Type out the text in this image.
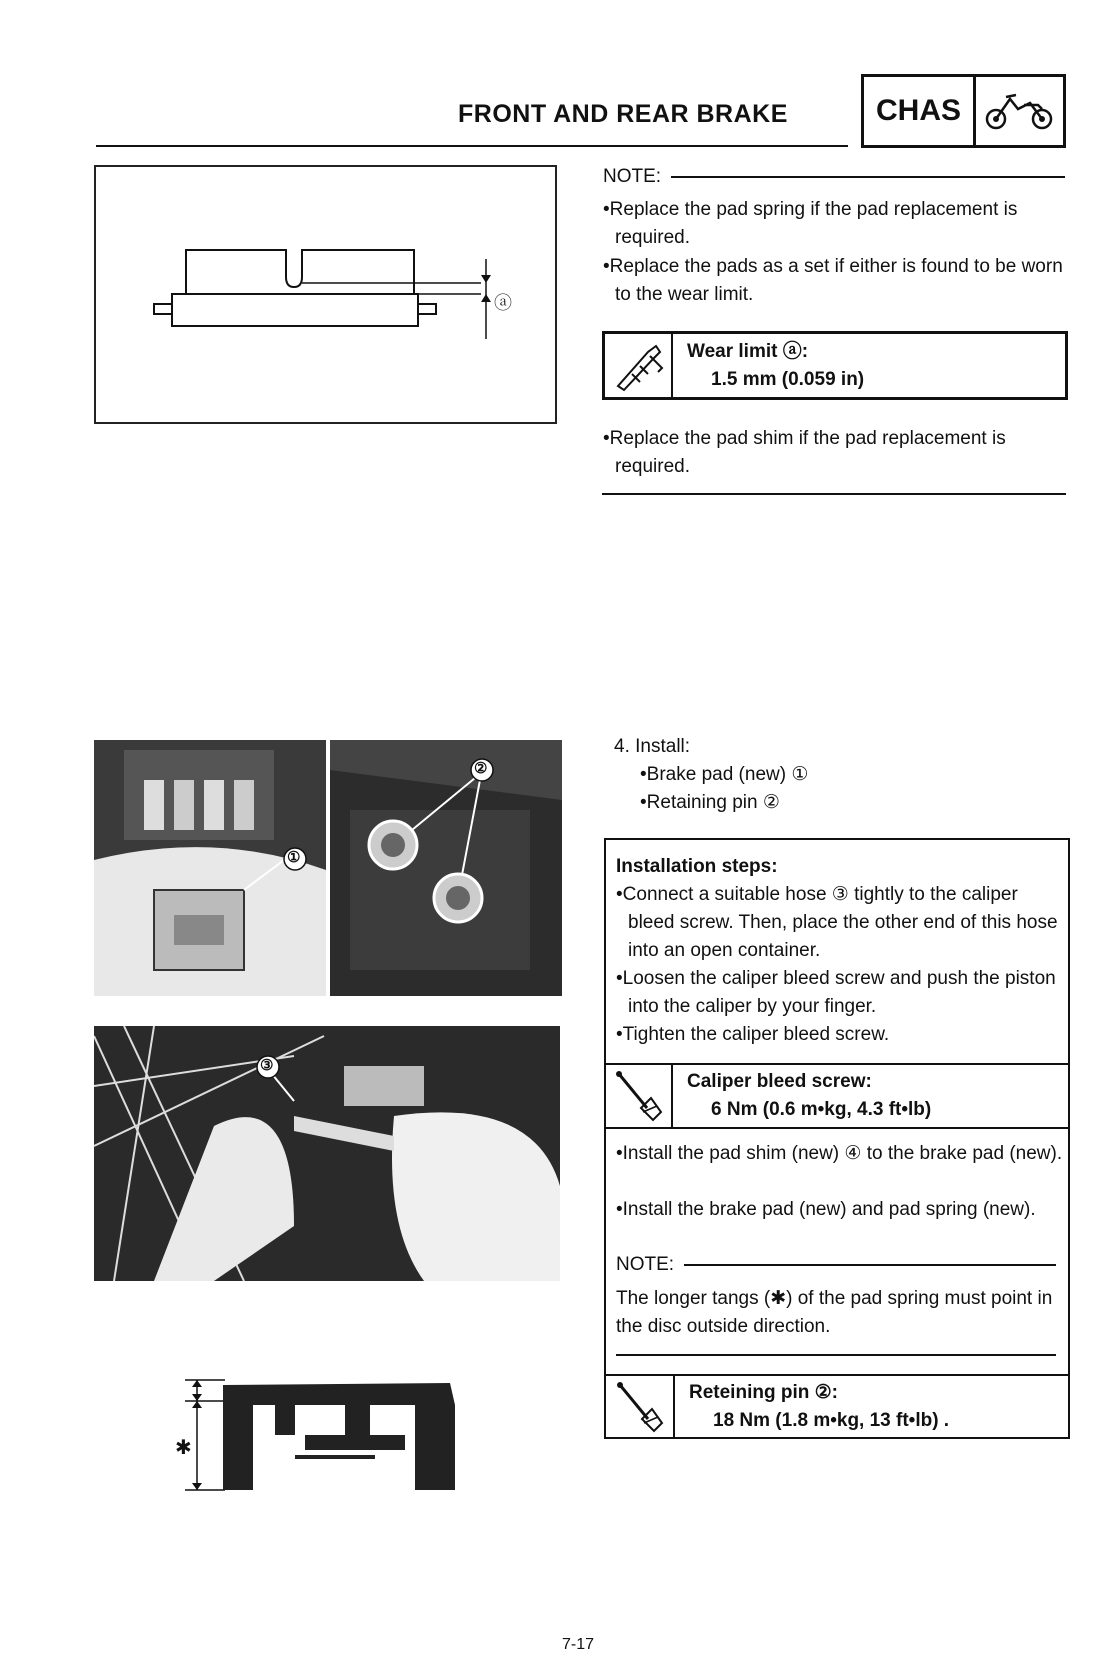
FRONT AND REAR BRAKE	CHAS
ⓐ
NOTE:
•Replace the pad spring if the pad replacement is required.
•Replace the pads as a set if either is found to be worn to the wear limit.
Wear limit ⓐ:
1.5 mm (0.059 in)
•Replace the pad shim if the pad replacement is required.
①
②
③
✱
4. Install:
•Brake pad (new) ①
•Retaining pin ②
Installation steps:
•Connect a suitable hose ③ tightly to the caliper bleed screw. Then, place the other end of this hose into an open container.
•Loosen the caliper bleed screw and push the piston into the caliper by your finger.
•Tighten the caliper bleed screw.
Caliper bleed screw:
6 Nm (0.6 m•kg, 4.3 ft•lb)
•Install the pad shim (new) ④ to the brake pad (new).
•Install the brake pad (new) and pad spring (new).
NOTE:
The longer tangs (✱) of the pad spring must point in the disc outside direction.
Reteining pin ②:
18 Nm (1.8 m•kg, 13 ft•lb) .
7-17
